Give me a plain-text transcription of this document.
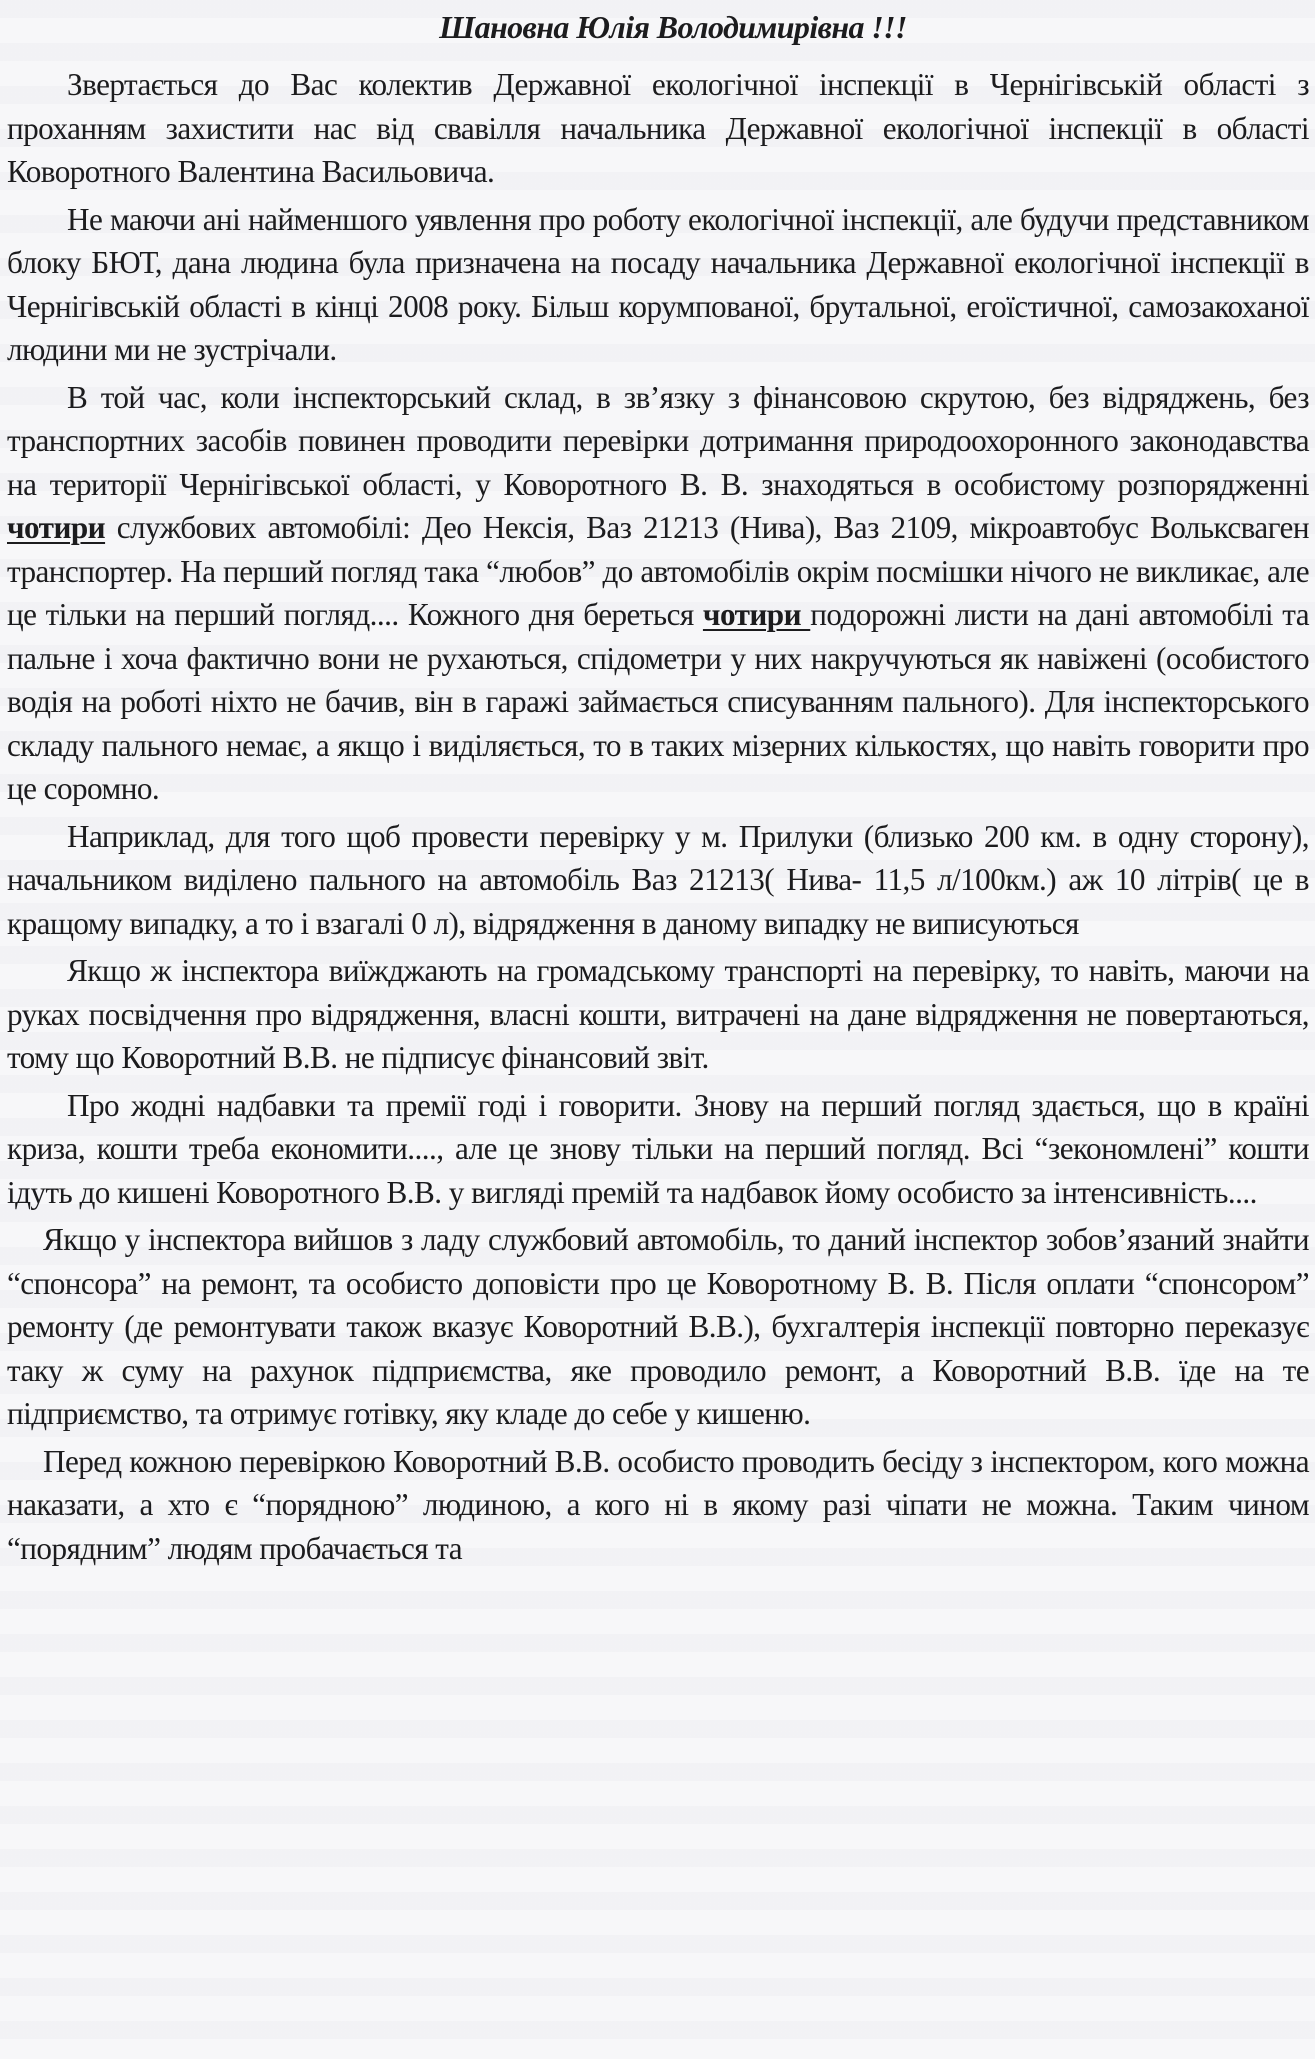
Шановна Юлія Володимирівна !!!

Звертається до Вас колектив Державної екологічної інспекції в Чернігівській області з проханням захистити нас від свавілля начальника Державної екологічної інспекції в області Коворотного Валентина Васильовича.

Не маючи ані найменшого уявлення про роботу екологічної інспекції, але будучи представником блоку БЮТ, дана людина була призначена на посаду начальника Державної екологічної інспекції в Чернігівській області в кінці 2008 року. Більш корумпованої, брутальної, егоїстичної, самозакоханої людини ми не зустрічали.

В той час, коли інспекторський склад, в зв’язку з фінансовою скрутою, без відряджень, без транспортних засобів повинен проводити перевірки дотримання природоохоронного законодавства на території Чернігівської області, у Коворотного В. В. знаходяться в особистому розпорядженні чотири службових автомобілі: Део Нексія, Ваз 21213 (Нива), Ваз 2109, мікроавтобус Вольксваген транспортер. На перший погляд така “любов” до автомобілів окрім посмішки нічого не викликає, але це тільки на перший погляд.... Кожного дня береться чотири подорожні листи на дані автомобілі та пальне і хоча фактично вони не рухаються, спідометри у них накручуються як навіжені (особистого водія на роботі ніхто не бачив, він в гаражі займається списуванням пального). Для інспекторського складу пального немає, а якщо і виділяється, то в таких мізерних кількостях, що навіть говорити про це соромно.

Наприклад, для того щоб провести перевірку у м. Прилуки (близько 200 км. в одну сторону), начальником виділено пального на автомобіль Ваз 21213( Нива- 11,5 л/100км.) аж 10 літрів( це в кращому випадку, а то і взагалі 0 л), відрядження в даному випадку не виписуються

Якщо ж інспектора виїжджають на громадському транспорті на перевірку, то навіть, маючи на руках посвідчення про відрядження, власні кошти, витрачені на дане відрядження не повертаються, тому що Коворотний В.В. не підписує фінансовий звіт.

Про жодні надбавки та премії годі і говорити. Знову на перший погляд здається, що в країні криза, кошти треба економити...., але це знову тільки на перший погляд. Всі “зекономлені” кошти ідуть до кишені Коворотного В.В. у вигляді премій та надбавок йому особисто за інтенсивність....

Якщо у інспектора вийшов з ладу службовий автомобіль, то даний інспектор зобов’язаний знайти “спонсора” на ремонт, та особисто доповісти про це Коворотному В. В. Після оплати “спонсором” ремонту (де ремонтувати також вказує Коворотний В.В.), бухгалтерія інспекції повторно переказує таку ж суму на рахунок підприємства, яке проводило ремонт, а Коворотний В.В. їде на те підприємство, та отримує готівку, яку кладе до себе у кишеню.

Перед кожною перевіркою Коворотний В.В. особисто проводить бесіду з інспектором, кого можна наказати, а хто є “порядною” людиною, а кого ні в якому разі чіпати не можна. Таким чином “порядним” людям пробачається та
